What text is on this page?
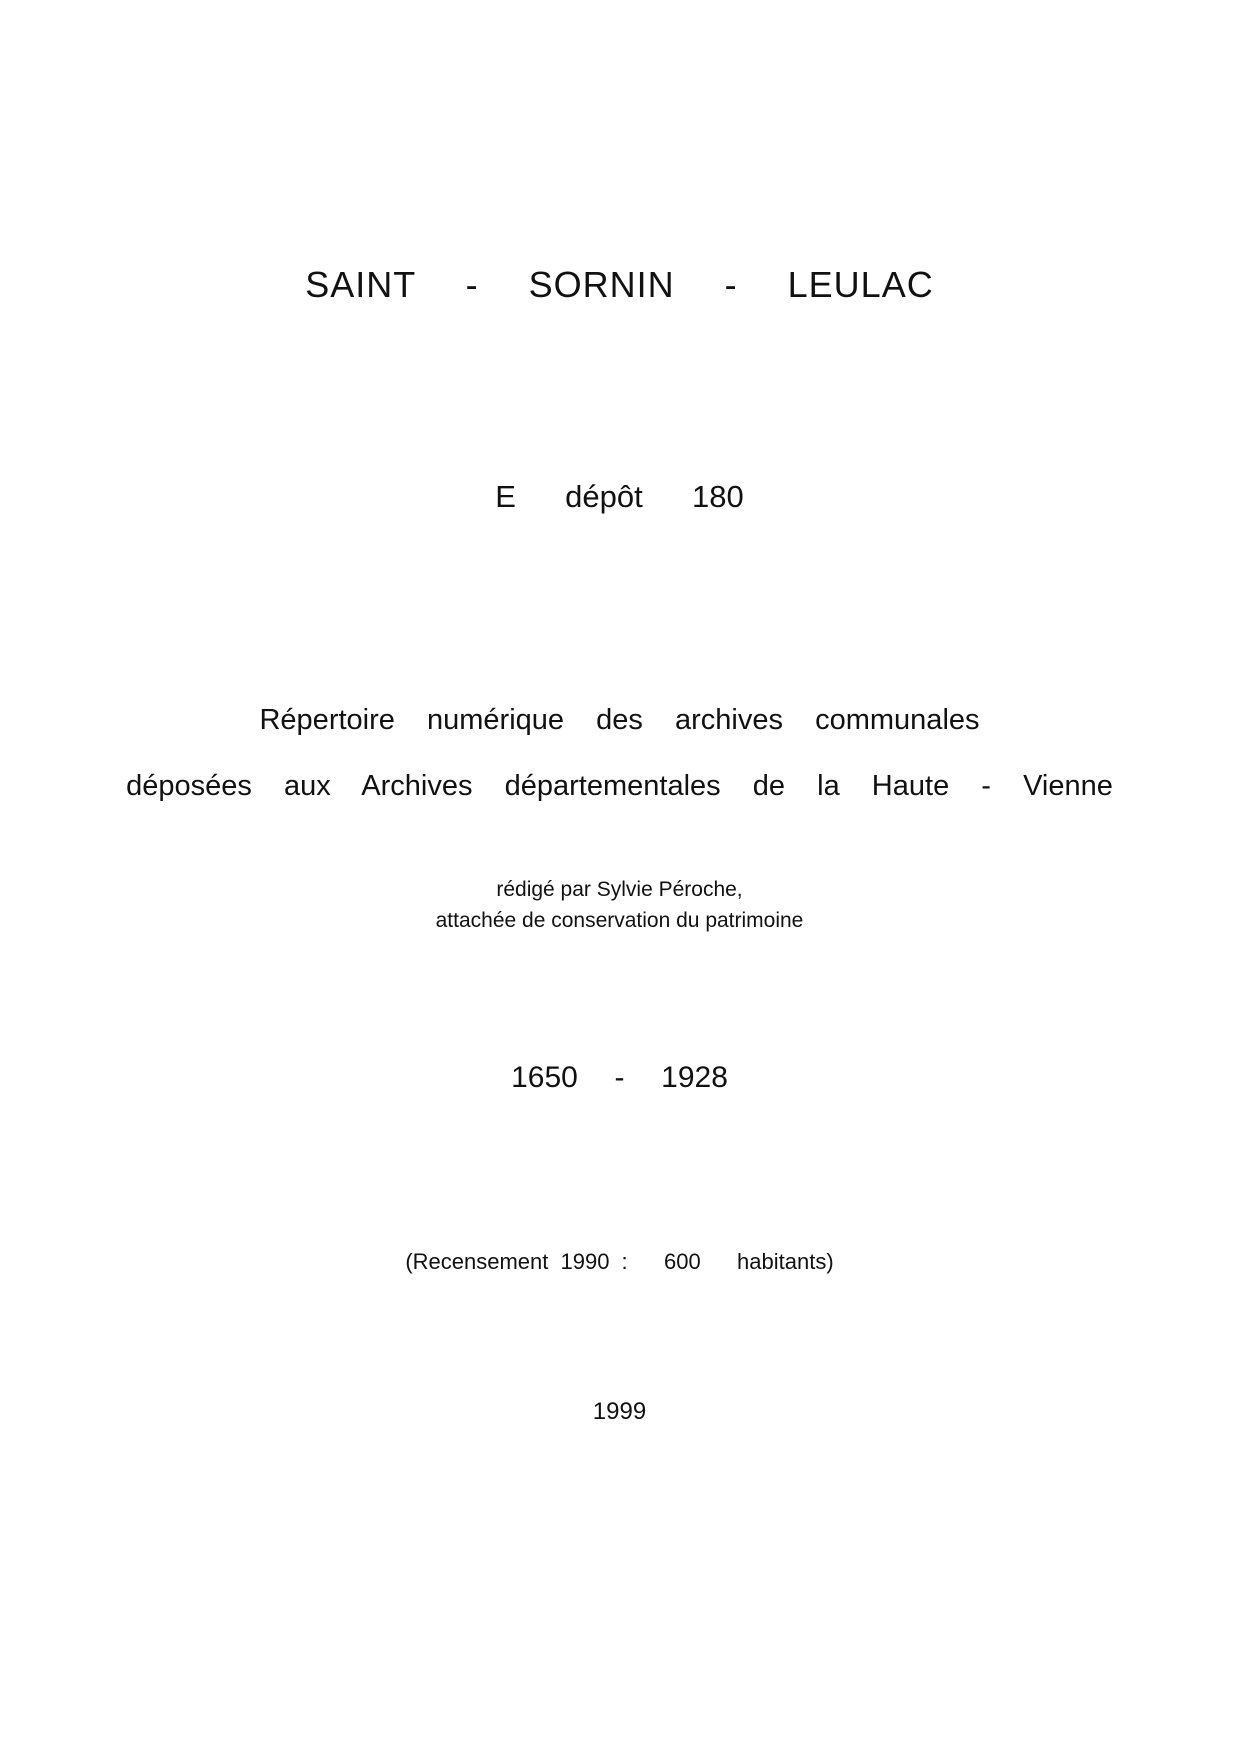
SAINT  -  SORNIN  -  LEULAC
E  dépôt  180
Répertoire  numérique  des  archives  communales
déposées  aux  Archives  départementales  de  la  Haute  -  Vienne
rédigé par Sylvie Péroche,
attachée de conservation du patrimoine
1650  -  1928
(Recensement 1990 :   600   habitants)
1999
